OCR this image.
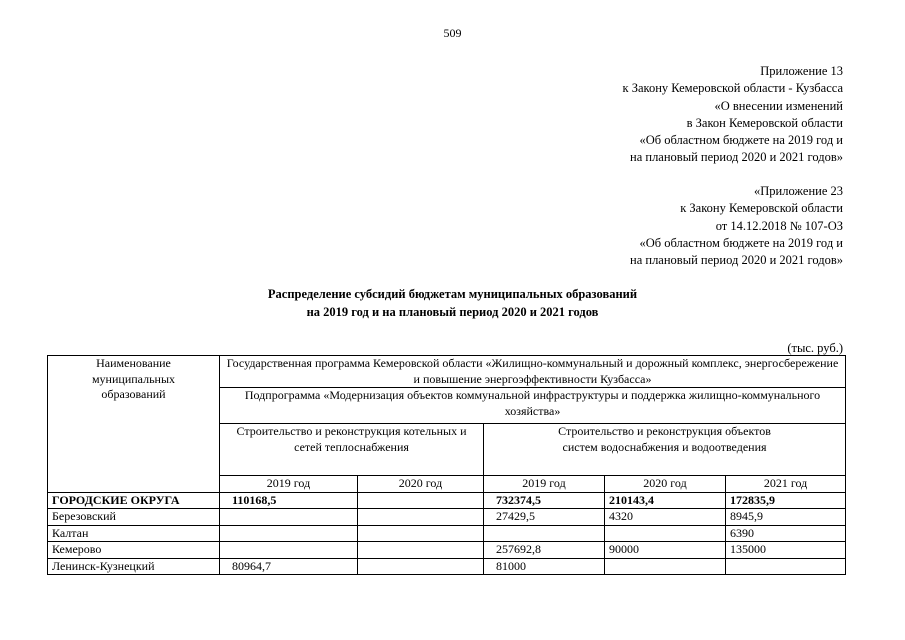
509
Приложение 13
к Закону Кемеровской области - Кузбасса
«О внесении изменений
в Закон Кемеровской области
«Об областном бюджете на 2019 год и
на плановый период 2020 и 2021 годов»
«Приложение 23
к Закону Кемеровской области
от 14.12.2018 № 107-ОЗ
«Об областном бюджете на 2019 год и
на плановый период 2020 и 2021 годов»
Распределение субсидий бюджетам муниципальных образований
на 2019 год и на плановый период 2020 и 2021 годов
(тыс. руб.)
Наименование муниципальных образований	Государственная программа Кемеровской области «Жилищно-коммунальный и дорожный комплекс, энергосбережение и повышение энергоэффективности Кузбасса»				
	Подпрограмма «Модернизация объектов коммунальной инфраструктуры и поддержка жилищно-коммунального хозяйства»				
	Строительство и реконструкция котельных и сетей теплоснабжения		Строительство и реконструкция объектов систем водоснабжения и водоотведения		
	2019 год	2020 год	2019 год	2020 год	2021 год
ГОРОДСКИЕ ОКРУГА	110168,5		732374,5	210143,4	172835,9
Березовский			27429,5	4320	8945,9
Калтан					6390
Кемерово			257692,8	90000	135000
Ленинск-Кузнецкий	80964,7		81000		
